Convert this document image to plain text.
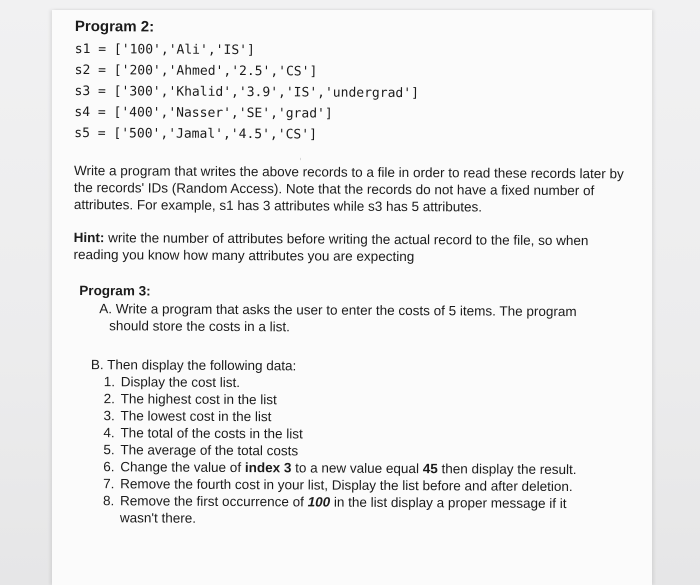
Program 2:
s1 = ['100','Ali','IS']
s2 = ['200','Ahmed','2.5','CS']
s3 = ['300','Khalid','3.9','IS','undergrad']
s4 = ['400','Nasser','SE','grad']
s5 = ['500','Jamal','4.5','CS']

Write a program that writes the above records to a file in order to read these records later by the records' IDs (Random Access). Note that the records do not have a fixed number of attributes. For example, s1 has 3 attributes while s3 has 5 attributes.

Hint: write the number of attributes before writing the actual record to the file, so when reading you know how many attributes you are expecting

Program 3:
A. Write a program that asks the user to enter the costs of 5 items. The program should store the costs in a list.
B. Then display the following data:
1. Display the cost list.
2. The highest cost in the list
3. The lowest cost in the list
4. The total of the costs in the list
5. The average of the total costs
6. Change the value of index 3 to a new value equal 45 then display the result.
7. Remove the fourth cost in your list, Display the list before and after deletion.
8. Remove the first occurrence of 100 in the list display a proper message if it wasn't there.
